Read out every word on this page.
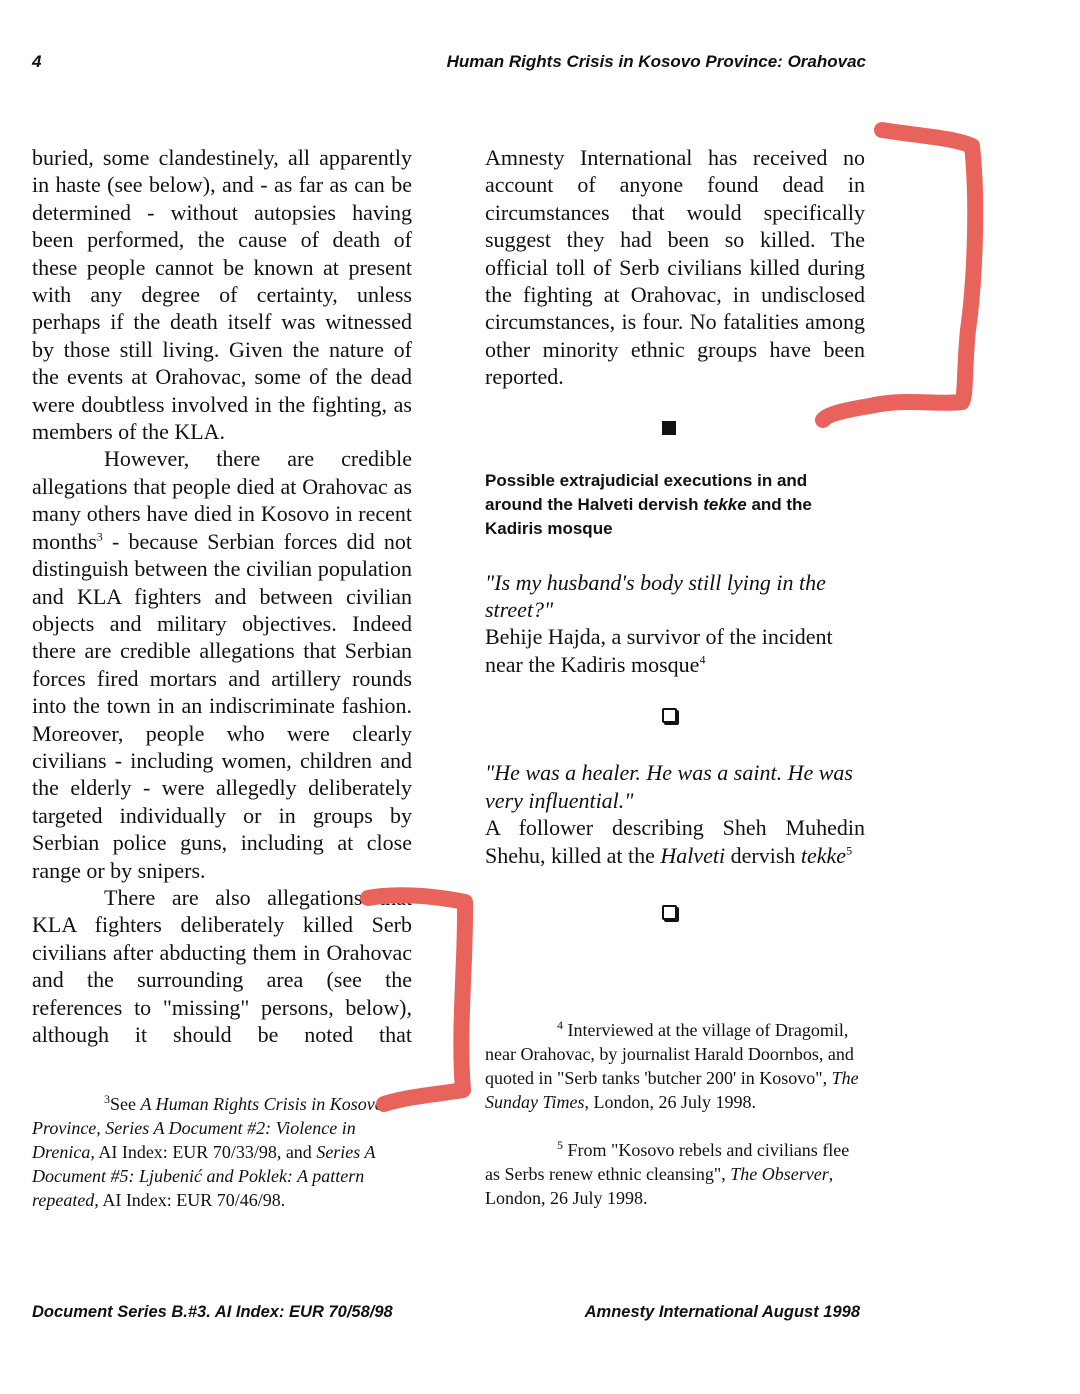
4	Human Rights Crisis in Kosovo Province: Orahovac

buried, some clandestinely, all apparently in haste (see below), and - as far as can be determined - without autopsies having been performed, the cause of death of these people cannot be known at present with any degree of certainty, unless perhaps if the death itself was witnessed by those still living. Given the nature of the events at Orahovac, some of the dead were doubtless involved in the fighting, as members of the KLA.

However, there are credible allegations that people died at Orahovac as many others have died in Kosovo in recent months$^3$ - because Serbian forces did not distinguish between the civilian population and KLA fighters and between civilian objects and military objectives. Indeed there are credible allegations that Serbian forces fired mortars and artillery rounds into the town in an indiscriminate fashion. Moreover, people who were clearly civilians - including women, children and the elderly - were allegedly deliberately targeted individually or in groups by Serbian police guns, including at close range or by snipers.

There are also allegations that KLA fighters deliberately killed Serb civilians after abducting them in Orahovac and the surrounding area (see the references to "missing" persons, below), although it should be noted that

$^3$See A Human Rights Crisis in Kosovo Province, Series A Document #2: Violence in Drenica, AI Index: EUR 70/33/98, and Series A Document #5: Ljubenić and Poklek: A pattern repeated, AI Index: EUR 70/46/98.

Amnesty International has received no account of anyone found dead in circumstances that would specifically suggest they had been so killed. The official toll of Serb civilians killed during the fighting at Orahovac, in undisclosed circumstances, is four. No fatalities among other minority ethnic groups have been reported.

Possible extrajudicial executions in and around the Halveti dervish tekke and the Kadiris mosque

"Is my husband's body still lying in the street?"

Behije Hajda, a survivor of the incident near the Kadiris mosque$^4$

"He was a healer. He was a saint. He was very influential."

A follower describing Sheh Muhedin Shehu, killed at the Halveti dervish tekke$^5$

$^4$ Interviewed at the village of Dragomil, near Orahovac, by journalist Harald Doornbos, and quoted in "Serb tanks 'butcher 200' in Kosovo", The Sunday Times, London, 26 July 1998.

$^5$ From "Kosovo rebels and civilians flee as Serbs renew ethnic cleansing", The Observer, London, 26 July 1998.

Document Series B.#3. AI Index: EUR 70/58/98	Amnesty International August 1998
